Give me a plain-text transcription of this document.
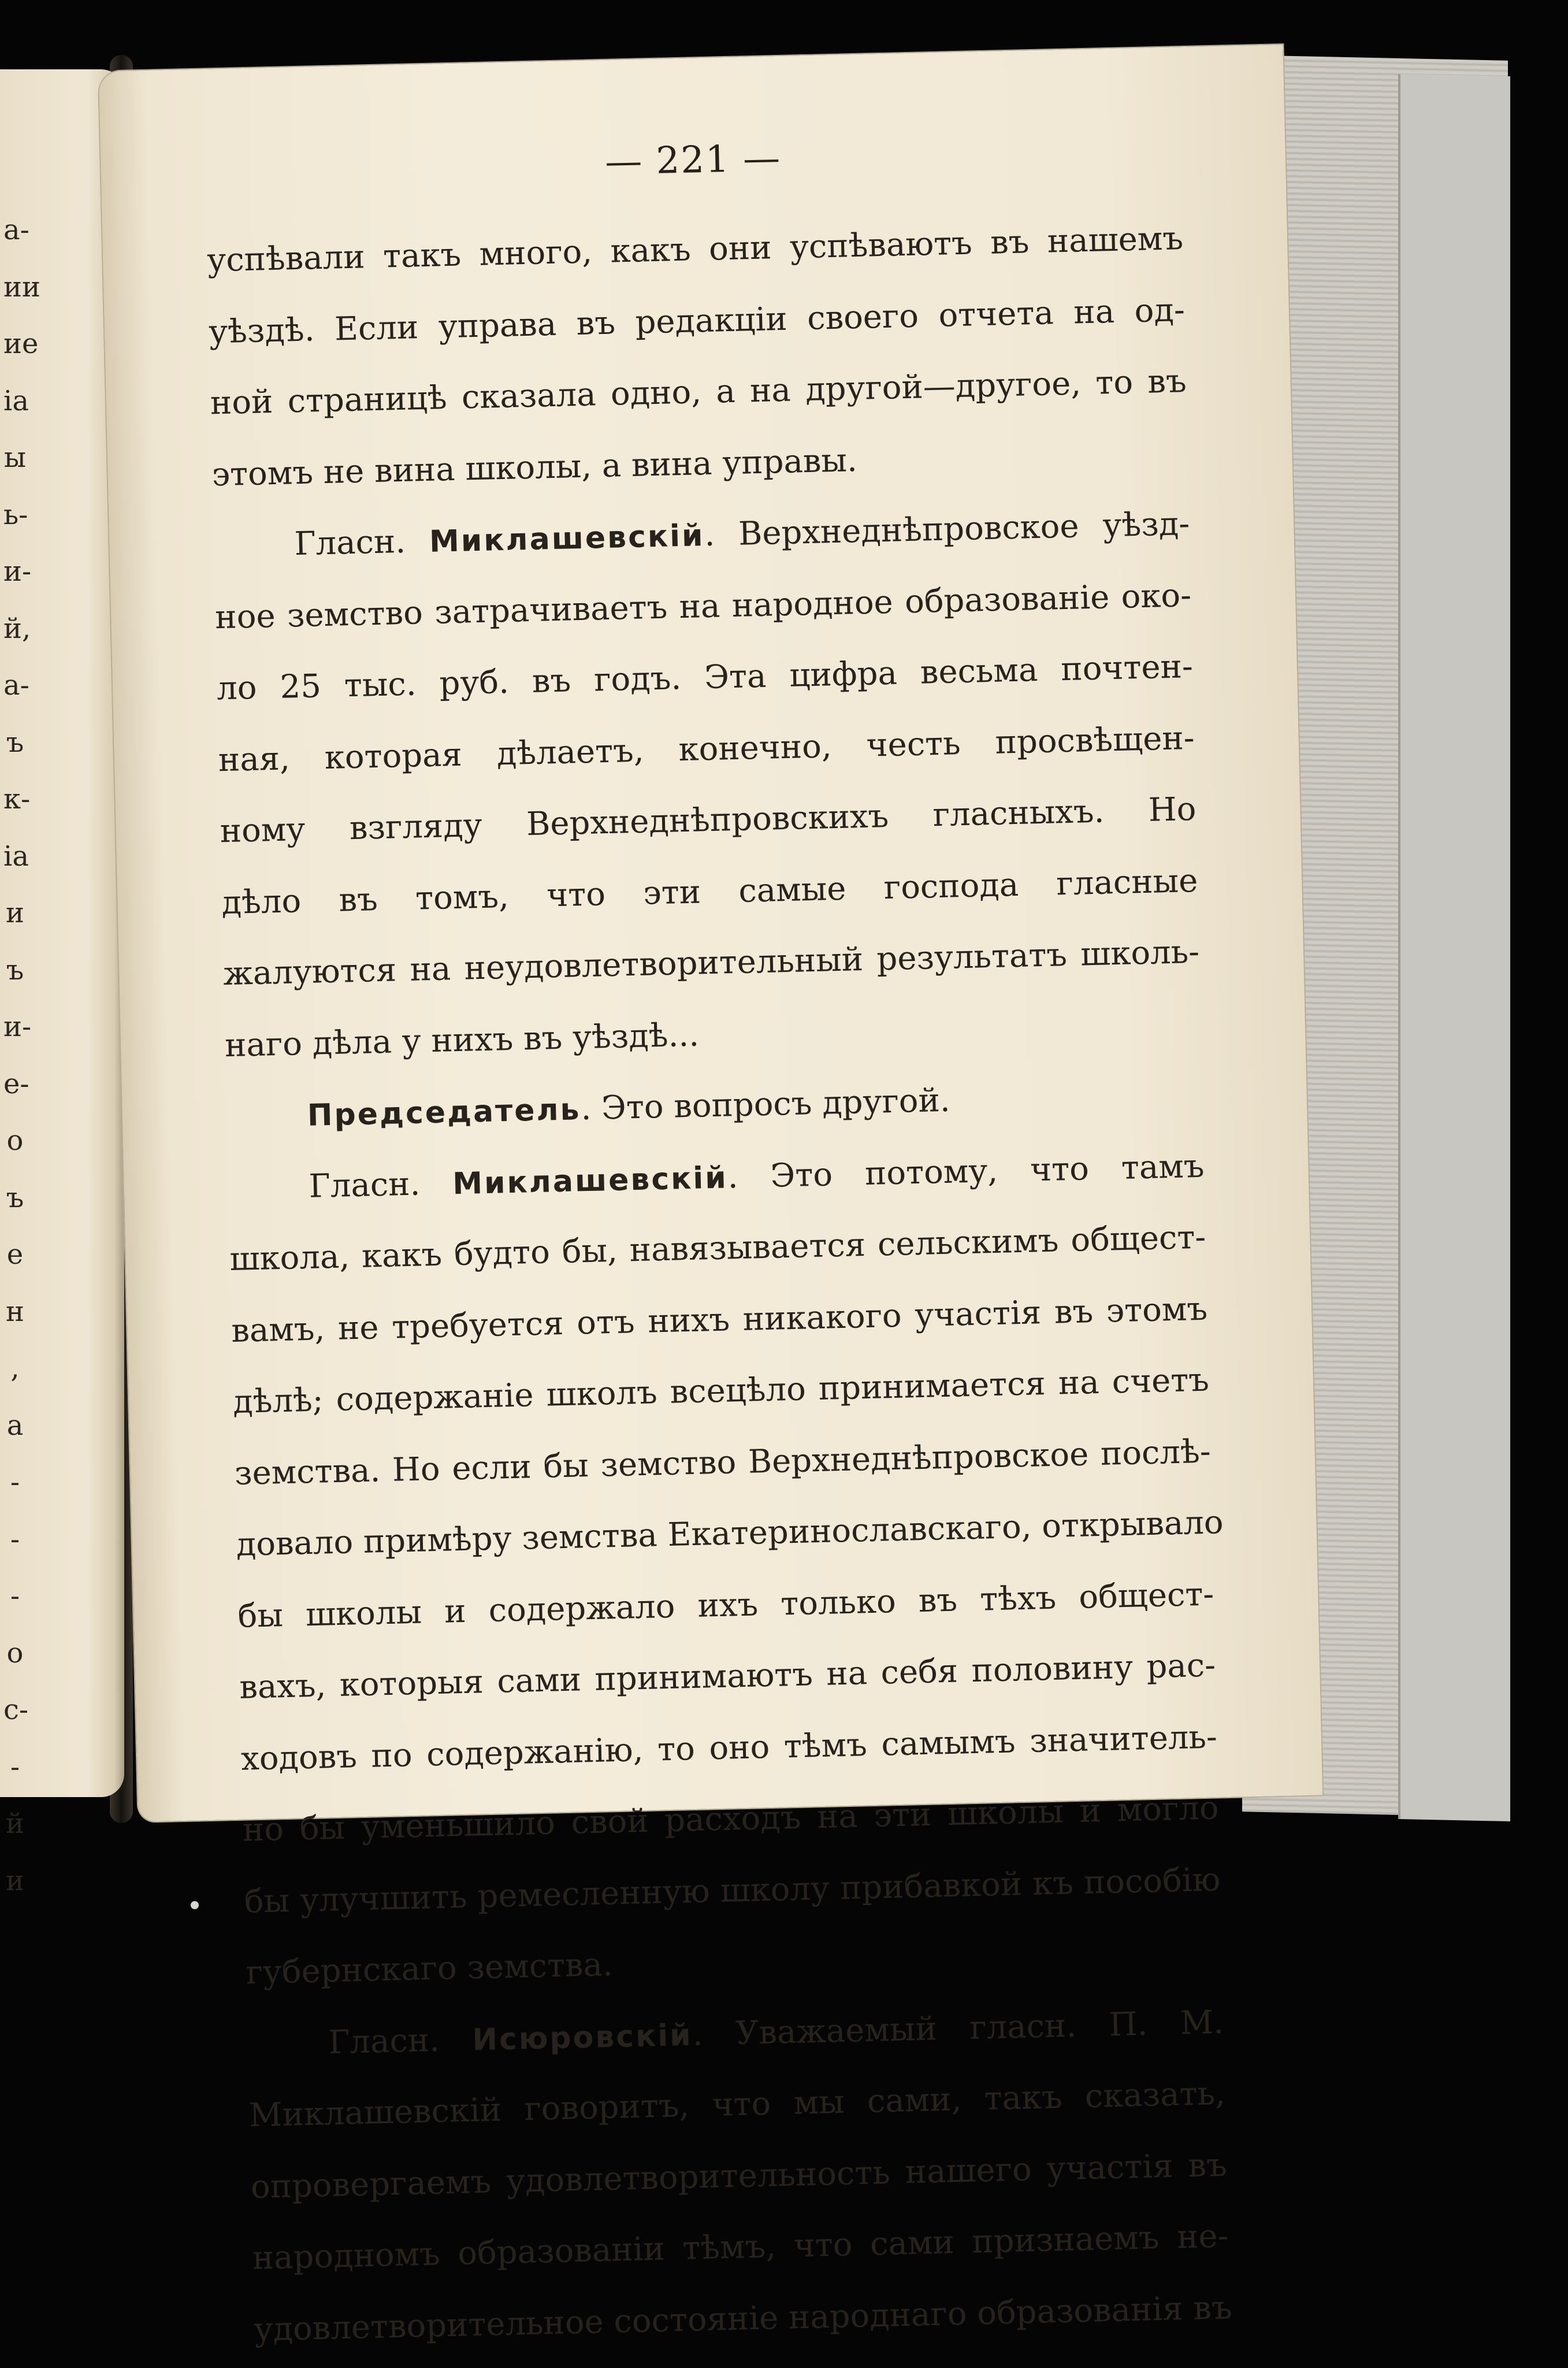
а-
ии
ие
ia
ы
ь-
и-
й,
а-
ъ
к-
ia
и
ъ
и-
е-
о
ъ
е
н
,
а
-
-
-
о
с-
-
й
и
— 221 —
успѣвали такъ много, какъ они успѣваютъ въ нашемъ
уѣздѣ. Если управа въ редакціи своего отчета на од-
ной страницѣ сказала одно, а на другой—другое, то въ
этомъ не вина школы, а вина управы.
Гласн. Миклашевскій. Верхнеднѣпровское уѣзд-
ное земство затрачиваетъ на народное образованіе око-
ло 25 тыс. руб. въ годъ. Эта цифра весьма почтен-
ная, которая дѣлаетъ, конечно, честь просвѣщен-
ному взгляду Верхнеднѣпровскихъ гласныхъ. Но
дѣло въ томъ, что эти самые господа гласные
жалуются на неудовлетворительный результатъ школь-
наго дѣла у нихъ въ уѣздѣ...
Председатель. Это вопросъ другой.
Гласн. Миклашевскій. Это потому, что тамъ
школа, какъ будто бы, навязывается сельскимъ общест-
вамъ, не требуется отъ нихъ никакого участія въ этомъ
дѣлѣ; содержаніе школъ всецѣло принимается на счетъ
земства. Но если бы земство Верхнеднѣпровское послѣ-
довало примѣру земства Екатеринославскаго, открывало
бы школы и содержало ихъ только въ тѣхъ общест-
вахъ, которыя сами принимаютъ на себя половину рас-
ходовъ по содержанію, то оно тѣмъ самымъ значитель-
но бы уменьшило свой расходъ на эти школы и могло
бы улучшить ремесленную школу прибавкой къ пособію
губернскаго земства.
Гласн. Исюровскій. Уважаемый гласн. П. М.
Миклашевскій говоритъ, что мы сами, такъ сказать,
опровергаемъ удовлетворительность нашего участія въ
народномъ образованіи тѣмъ, что сами признаемъ не-
удовлетворительное состояніе народнаго образованія въ
